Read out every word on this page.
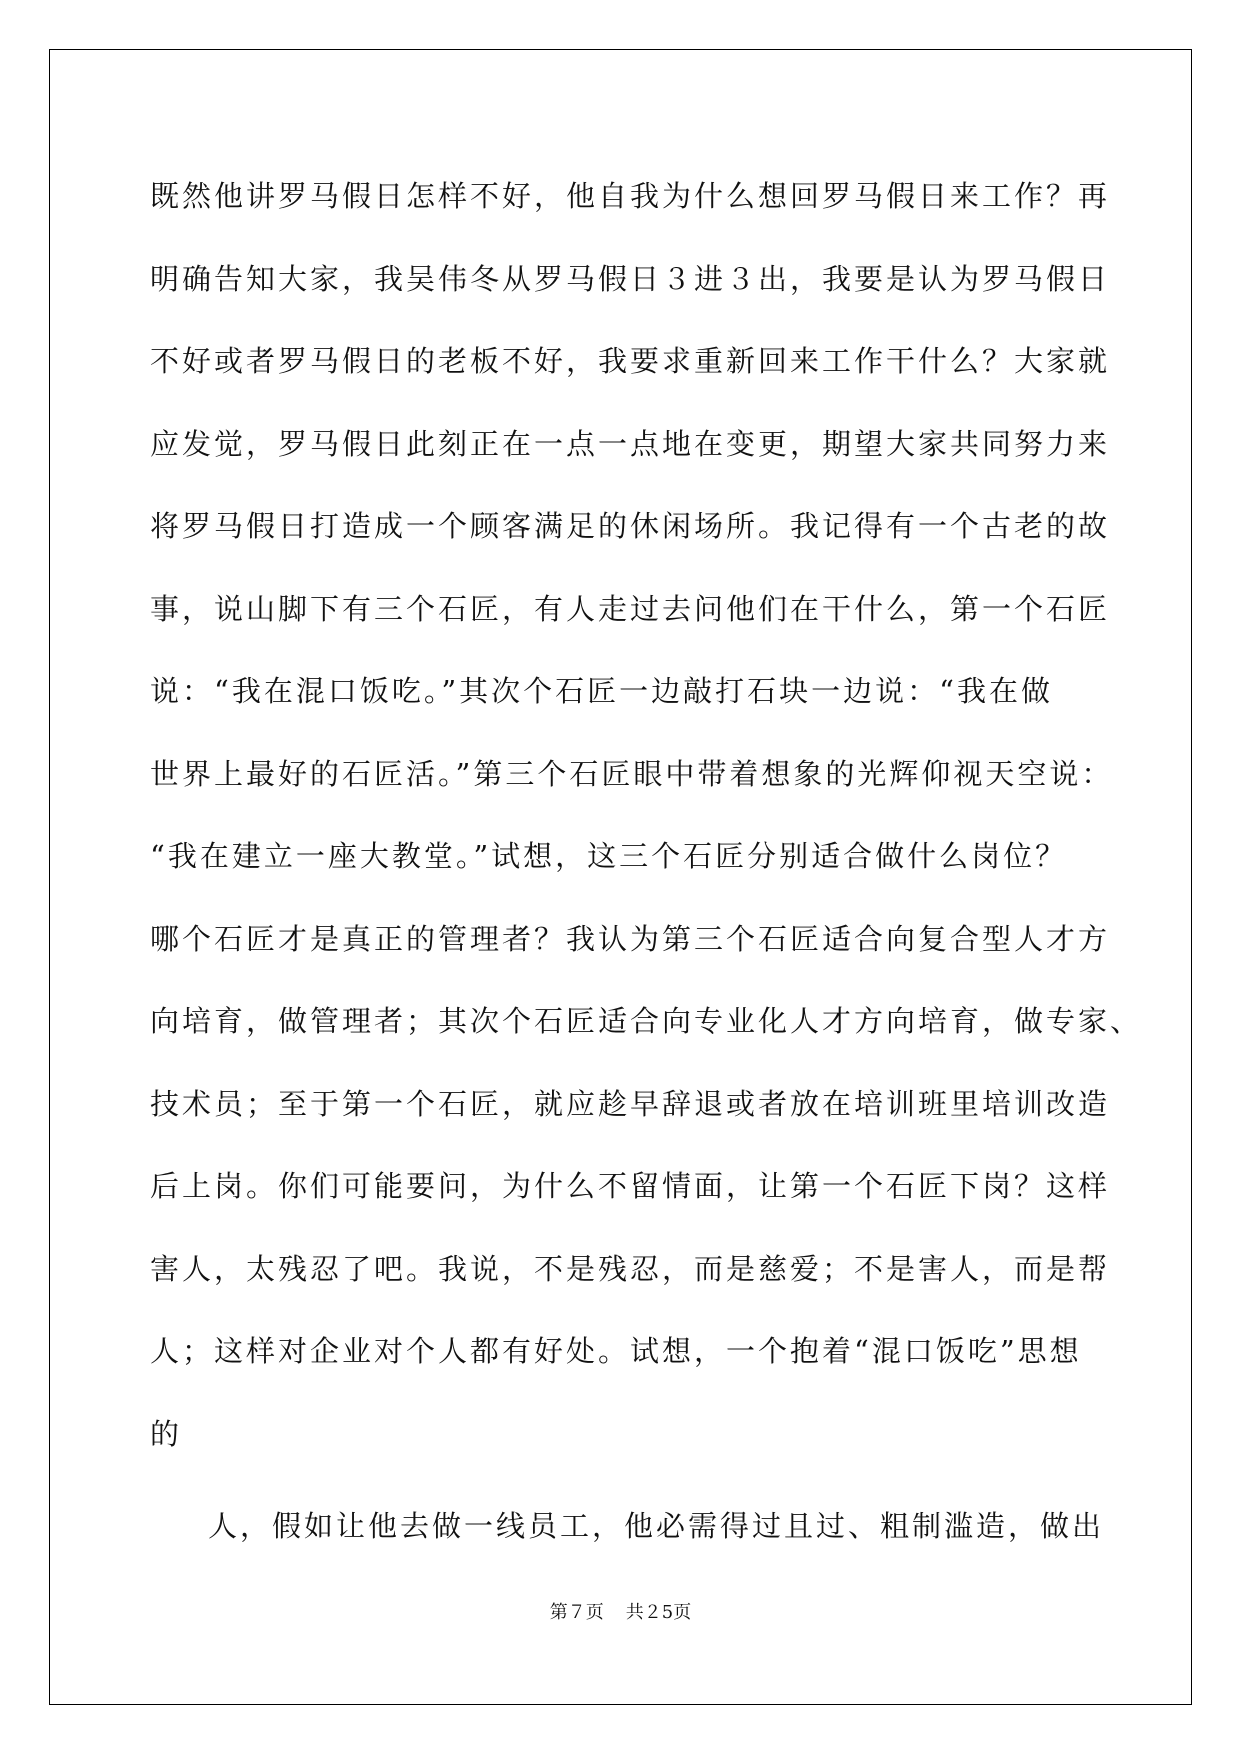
既然他讲罗马假日怎样不好，他自我为什么想回罗马假日来工作？再
明确告知大家，我吴伟冬从罗马假日３进３出，我要是认为罗马假日
不好或者罗马假日的老板不好，我要求重新回来工作干什么？大家就
应发觉，罗马假日此刻正在一点一点地在变更，期望大家共同努力来
将罗马假日打造成一个顾客满足的休闲场所。我记得有一个古老的故
事，说山脚下有三个石匠，有人走过去问他们在干什么，第一个石匠
说：“我在混口饭吃。”其次个石匠一边敲打石块一边说：“我在做
世界上最好的石匠活。”第三个石匠眼中带着想象的光辉仰视天空说：
“我在建立一座大教堂。”试想，这三个石匠分别适合做什么岗位？
哪个石匠才是真正的管理者？我认为第三个石匠适合向复合型人才方
向培育，做管理者；其次个石匠适合向专业化人才方向培育，做专家、
技术员；至于第一个石匠，就应趁早辞退或者放在培训班里培训改造
后上岗。你们可能要问，为什么不留情面，让第一个石匠下岗？这样
害人，太残忍了吧。我说，不是残忍，而是慈爱；不是害人，而是帮
人；这样对企业对个人都有好处。试想，一个抱着“混口饭吃”思想
的
人，假如让他去做一线员工，他必需得过且过、粗制滥造，做出
第７页 共２5页
